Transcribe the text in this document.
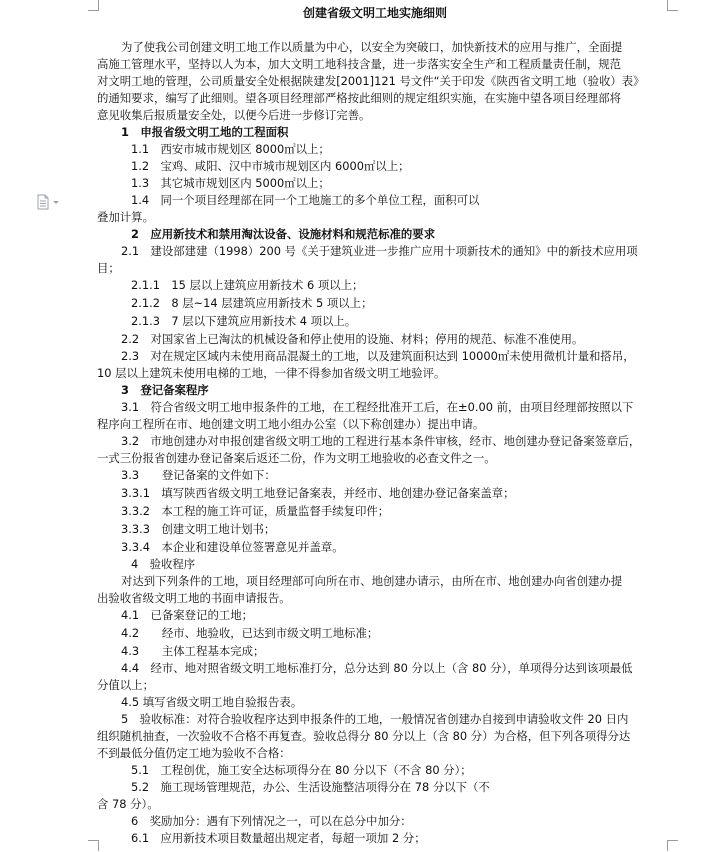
创建省级文明工地实施细则
为了使我公司创建文明工地工作以质量为中心，以安全为突破口，加快新技术的应用与推广，全面提
高施工管理水平，坚持以人为本，加大文明工地科技含量，进一步落实安全生产和工程质量责任制，规范
对文明工地的管理，公司质量安全处根据陕建发[2001]121 号文件“关于印发《陕西省文明工地（验收）表》
的通知要求，编写了此细则。望各项目经理部严格按此细则的规定组织实施，在实施中望各项目经理部将
意见收集后报质量安全处，以便今后进一步修订完善。
1　申报省级文明工地的工程面积
1.1　西安市城市规划区 8000㎡以上；
1.2　宝鸡、咸阳、汉中市城市规划区内 6000㎡以上；
1.3　其它城市规划区内 5000㎡以上；
1.4　同一个项目经理部在同一个工地施工的多个单位工程，面积可以
叠加计算。
2　应用新技术和禁用淘汰设备、设施材料和规范标准的要求
2.1　建设部建建（1998）200 号《关于建筑业进一步推广应用十项新技术的通知》中的新技术应用项
目；
2.1.1　15 层以上建筑应用新技术 6 项以上；
2.1.2　8 层~14 层建筑应用新技术 5 项以上；
2.1.3　7 层以下建筑应用新技术 4 项以上。
2.2　对国家省上已淘汰的机械设备和停止使用的设施、材料；停用的规范、标准不准使用。
2.3　对在规定区域内未使用商品混凝土的工地，以及建筑面积达到 10000㎡未使用微机计量和搭吊，
10 层以上建筑未使用电梯的工地，一律不得参加省级文明工地验评。
3　登记备案程序
3.1　符合省级文明工地申报条件的工地，在工程经批准开工后，在±0.00 前，由项目经理部按照以下
程序向工程所在市、地创建文明工地小组办公室（以下称创建办）提出申请。
3.2　市地创建办对申报创建省级文明工地的工程进行基本条件审核，经市、地创建办登记备案签章后，
一式三份报省创建办登记备案后返还二份，作为文明工地验收的必查文件之一。
3.3　　登记备案的文件如下：
3.3.1　填写陕西省级文明工地登记备案表，并经市、地创建办登记备案盖章；
3.3.2　本工程的施工许可证，质量监督手续复印件；
3.3.3　创建文明工地计划书；
3.3.4　本企业和建设单位签署意见并盖章。
4　验收程序
对达到下列条件的工地，项目经理部可向所在市、地创建办请示，由所在市、地创建办向省创建办提
出验收省级文明工地的书面申请报告。
4.1　已备案登记的工地；
4.2　　经市、地验收，已达到市级文明工地标准；
4.3　　主体工程基本完成；
4.4　经市、地对照省级文明工地标准打分，总分达到 80 分以上（含 80 分），单项得分达到该项最低
分值以上；
4.5 填写省级文明工地自验报告表。
5　验收标准：对符合验收程序达到申报条件的工地，一般情况省创建办自接到申请验收文件 20 日内
组织随机抽查，一次验收不合格不再复查。验收总得分 80 分以上（含 80 分）为合格，但下列各项得分达
不到最低分值仍定工地为验收不合格：
5.1　工程创优，施工安全达标项得分在 80 分以下（不含 80 分）；
5.2　施工现场管理规范，办公、生活设施整洁项得分在 78 分以下（不
含 78 分）。
6　奖励加分：遇有下列情况之一，可以在总分中加分：
6.1　应用新技术项目数量超出规定者，每超一项加 2 分；
